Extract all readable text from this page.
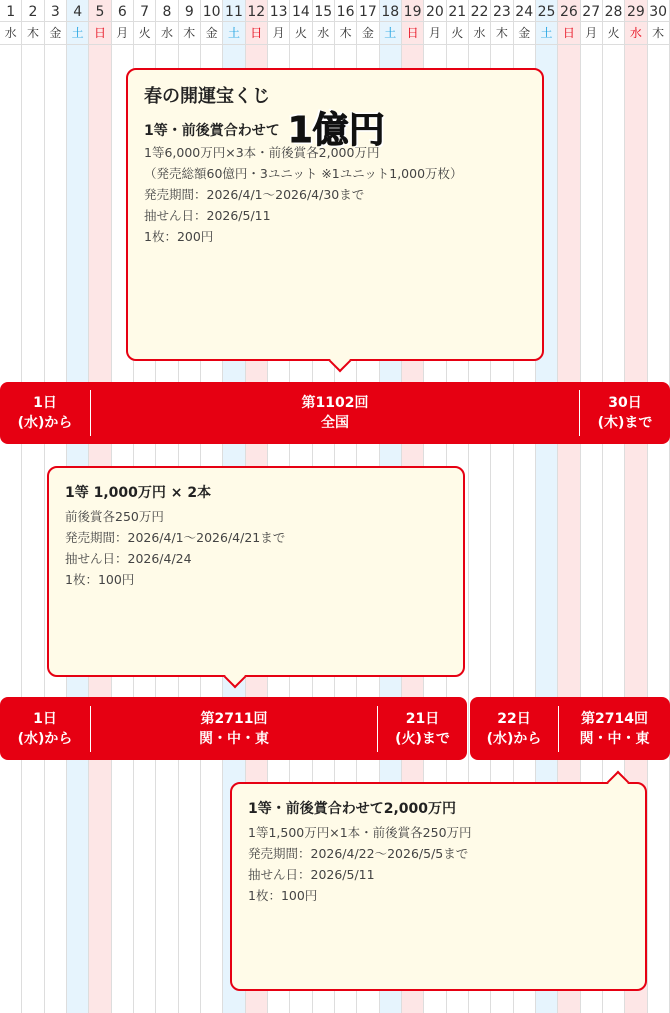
1
水
2
木
3
金
4
土
5
日
6
月
7
火
8
水
9
木
10
金
11
土
12
日
13
月
14
火
15
水
16
木
17
金
18
土
19
日
20
月
21
火
22
水
23
木
24
金
25
土
26
日
27
月
28
火
29
水
30
木
春の開運宝くじ
1等・前後賞合わせて 1億円
1等6,000万円×3本・前後賞各2,000万円
（発売総額60億円・3ユニット ※1ユニット1,000万枚）
発売期間：2026/4/1〜2026/4/30まで
抽せん日：2026/5/11
1枚：200円
1日
(水)から
第1102回
全国
30日
(木)まで
1等 1,000万円 × 2本
前後賞各250万円
発売期間：2026/4/1〜2026/4/21まで
抽せん日：2026/4/24
1枚：100円
1日
(水)から
第2711回
関・中・東
21日
(火)まで
22日
(水)から
第2714回
関・中・東
1等・前後賞合わせて2,000万円
1等1,500万円×1本・前後賞各250万円
発売期間：2026/4/22〜2026/5/5まで
抽せん日：2026/5/11
1枚：100円
